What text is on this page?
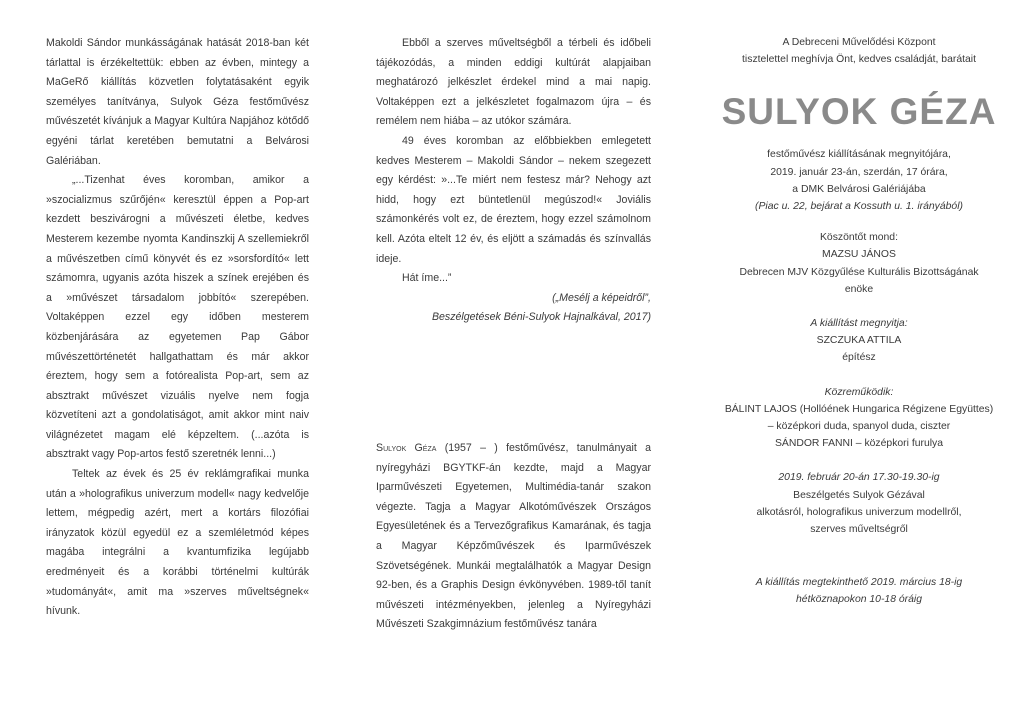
Makoldi Sándor munkásságának hatását 2018-ban két tárlattal is érzékeltettük: ebben az évben, mintegy a MaGeRő kiállítás közvetlen folytatásaként egyik személyes tanítványa, Sulyok Géza festőművész művészetét kívánjuk a Magyar Kultúra Napjához kötődő egyéni tárlat keretében bemutatni a Belvárosi Galériában.

„...Tizenhat éves koromban, amikor a »szocializmus szűrőjén« keresztül éppen a Pop-art kezdett beszivárogni a művészeti életbe, kedves Mesterem kezembe nyomta Kandinszkij A szellemiekről a művészetben című könyvét és ez »sorsfordító« lett számomra, ugyanis azóta hiszek a színek erejében és a »művészet társadalom jobbító« szerepében. Voltaképpen ezzel egy időben mesterem közbenjárására az egyetemen Pap Gábor művészettörténetét hallgathattam és már akkor éreztem, hogy sem a fotórealista Pop-art, sem az absztrakt művészet vizuális nyelve nem fogja közvetíteni azt a gondolatiságot, amit akkor mint naiv világnézetet magam elé képzeltem. (...azóta is absztrakt vagy Pop-artos festő szeretnék lenni...)

Teltek az évek és 25 év reklámgrafikai munka után a »holografikus univerzum modell« nagy kedvelője lettem, mégpedig azért, mert a kortárs filozófiai irányzatok közül egyedül ez a szemléletmód képes magába integrálni a kvantumfizika legújabb eredményeit és a korábbi történelmi kultúrák »tudományát«, amit ma »szerves műveltségnek« hívunk.

Ebből a szerves műveltségből a térbeli és időbeli tájékozódás, a minden eddigi kultúrát alapjaiban meghatározó jelkészlet érdekel mind a mai napig. Voltaképpen ezt a jelkészletet fogalmazom újra – és remélem nem hiába – az utókor számára.

49 éves koromban az előbbiekben emlegetett kedves Mesterem – Makoldi Sándor – nekem szegezett egy kérdést: »...Te miért nem festesz már? Nehogy azt hidd, hogy ezt büntetlenül megúszod!« Joviális számonkérés volt ez, de éreztem, hogy ezzel számolnom kell. Azóta eltelt 12 év, és eljött a számadás és színvallás ideje.

Hát íme...”

(„Mesélj a képeidről”,

Beszélgetések Béni-Sulyok Hajnalkával, 2017)

Sulyok Géza (1957 – ) festőművész, tanulmányait a nyíregyházi BGYTKF-án kezdte, majd a Magyar Iparművészeti Egyetemen, Multimédia-tanár szakon végezte. Tagja a Magyar Alkotóművészek Országos Egyesületének és a Tervezőgrafikus Kamarának, és tagja a Magyar Képzőművészek és Iparművészek Szövetségének. Munkái megtalálhatók a Magyar Design 92-ben, és a Graphis Design évkönyvében. 1989-től tanít művészeti intézményekben, jelenleg a Nyíregyházi Művészeti Szakgimnázium festőművész tanára

A Debreceni Művelődési Központ

tisztelettel meghívja Önt, kedves családját, barátait

SULYOK GÉZA

festőművész kiállításának megnyitójára,

2019. január 23-án, szerdán, 17 órára,

a DMK Belvárosi Galériájába

(Piac u. 22, bejárat a Kossuth u. 1. irányából)

Köszöntőt mond:

MAZSU JÁNOS

Debrecen MJV Közgyűlése Kulturális Bizottságának

enöke

A kiállítást megnyitja:

SZCZUKA ATTILA

építész

Közreműködik:

BÁLINT LAJOS (Hollóének Hungarica Régizene Együttes)

– középkori duda, spanyol duda, ciszter

SÁNDOR FANNI – középkori furulya

2019. február 20-án 17.30-19.30-ig

Beszélgetés Sulyok Gézával

alkotásról, holografikus univerzum modellről,

szerves műveltségről

A kiállítás megtekinthető 2019. március 18-ig

hétköznapokon 10-18 óráig
